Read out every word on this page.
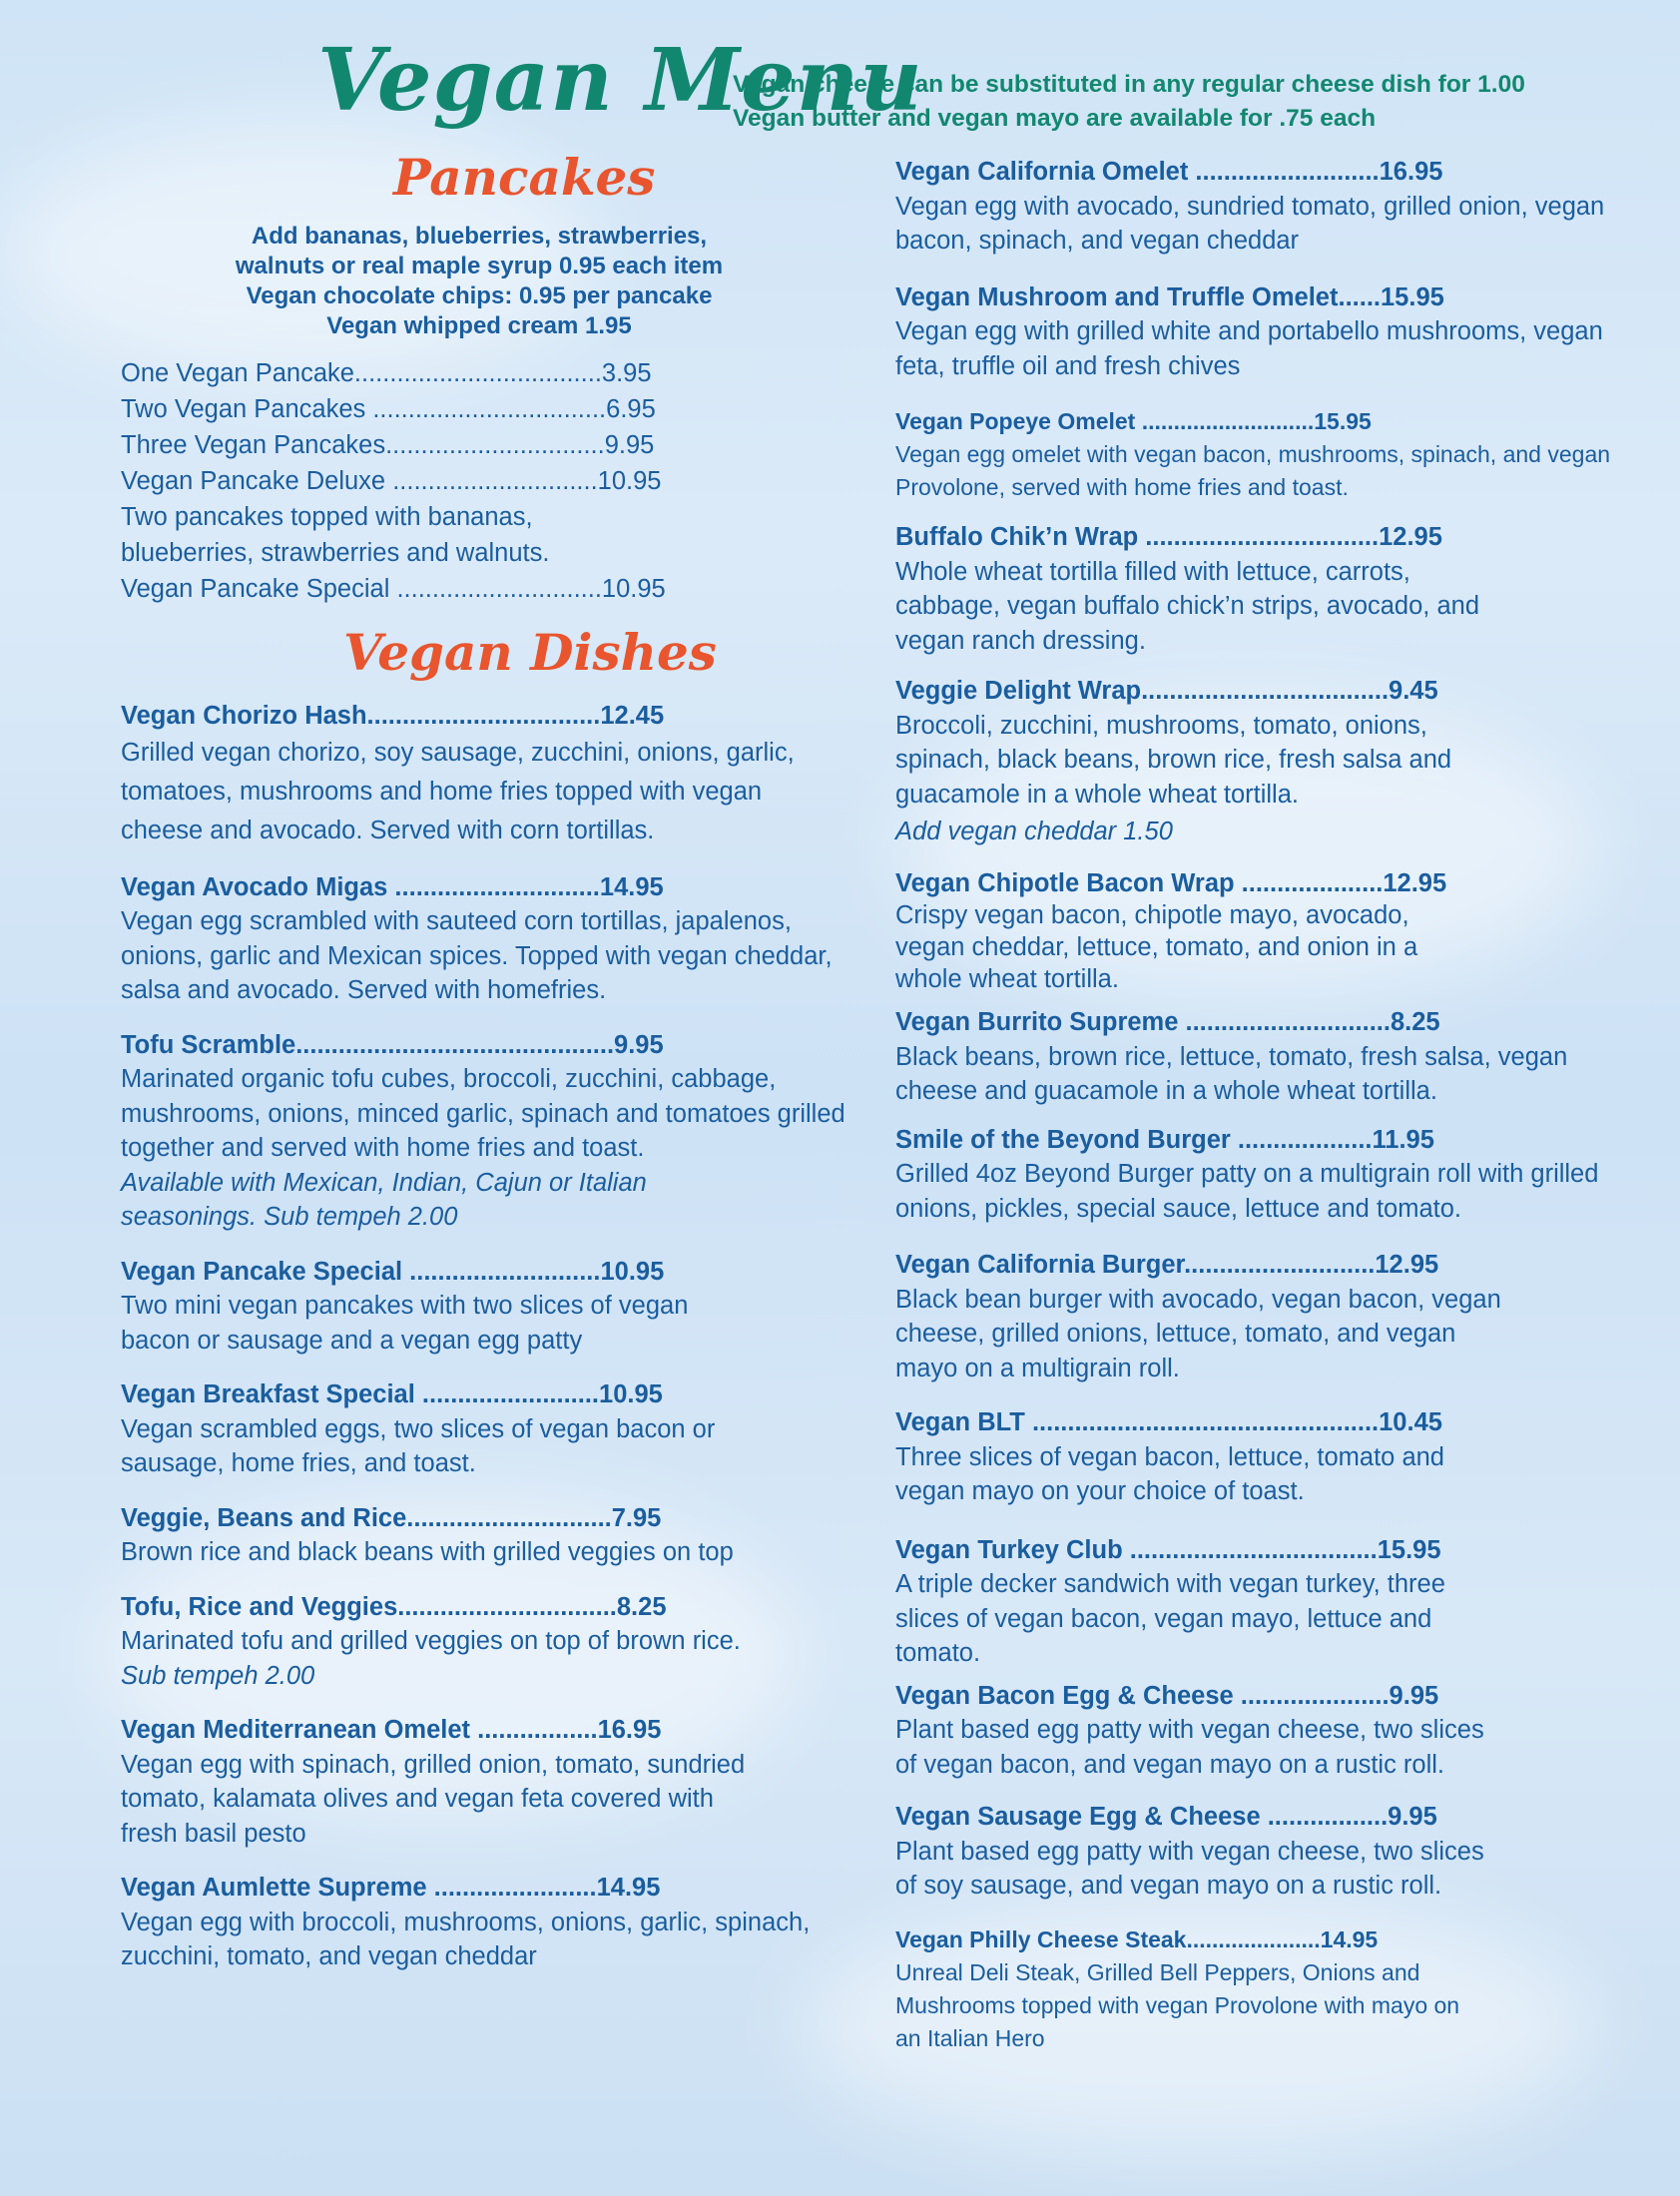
Vegan Menu
Vegan cheese can be substituted in any regular cheese dish for 1.00
Vegan butter and vegan mayo are available for .75 each
Pancakes
Add bananas, blueberries, strawberries,
walnuts or real maple syrup 0.95 each item
Vegan chocolate chips: 0.95 per pancake
Vegan whipped cream 1.95
One Vegan Pancake...................................3.95
Two Vegan Pancakes .................................6.95
Three Vegan Pancakes...............................9.95
Vegan Pancake Deluxe .............................10.95
Two pancakes topped with bananas,
blueberries, strawberries and walnuts.
Vegan Pancake Special .............................10.95
Vegan Dishes
Vegan Chorizo Hash.................................12.45
Grilled vegan chorizo, soy sausage, zucchini, onions, garlic, tomatoes, mushrooms and home fries topped with vegan cheese and avocado. Served with corn tortillas.
Vegan Avocado Migas .............................14.95
Vegan egg scrambled with sauteed corn tortillas, japalenos, onions, garlic and Mexican spices. Topped with vegan cheddar, salsa and avocado. Served with homefries.
Tofu Scramble.............................................9.95
Marinated organic tofu cubes, broccoli, zucchini, cabbage, mushrooms, onions, minced garlic, spinach and tomatoes grilled together and served with home fries and toast.
Available with Mexican, Indian, Cajun or Italian seasonings. Sub tempeh 2.00
Vegan Pancake Special ...........................10.95
Two mini vegan pancakes with two slices of vegan bacon or sausage and a vegan egg patty
Vegan Breakfast Special .........................10.95
Vegan scrambled eggs, two slices of vegan bacon or sausage, home fries, and toast.
Veggie, Beans and Rice.............................7.95
Brown rice and black beans with grilled veggies on top
Tofu, Rice and Veggies...............................8.25
Marinated tofu and grilled veggies on top of brown rice.
Sub tempeh 2.00
Vegan Mediterranean Omelet .................16.95
Vegan egg with spinach, grilled onion, tomato, sundried tomato, kalamata olives and vegan feta covered with fresh basil pesto
Vegan Aumlette Supreme .......................14.95
Vegan egg with broccoli, mushrooms, onions, garlic, spinach, zucchini, tomato, and vegan cheddar
Vegan California Omelet ..........................16.95
Vegan egg with avocado, sundried tomato, grilled onion, vegan bacon, spinach, and vegan cheddar
Vegan Mushroom and Truffle Omelet......15.95
Vegan egg with grilled white and portabello mushrooms, vegan feta, truffle oil and fresh chives
Vegan Popeye Omelet ...........................15.95
Vegan egg omelet with vegan bacon, mushrooms, spinach, and vegan Provolone, served with home fries and toast.
Buffalo Chik’n Wrap .................................12.95
Whole wheat tortilla filled with lettuce, carrots, cabbage, vegan buffalo chick’n strips, avocado, and vegan ranch dressing.
Veggie Delight Wrap...................................9.45
Broccoli, zucchini, mushrooms, tomato, onions, spinach, black beans, brown rice, fresh salsa and guacamole in a whole wheat tortilla.
Add vegan cheddar 1.50
Vegan Chipotle Bacon Wrap ....................12.95
Crispy vegan bacon, chipotle mayo, avocado, vegan cheddar, lettuce, tomato, and onion in a whole wheat tortilla.
Vegan Burrito Supreme .............................8.25
Black beans, brown rice, lettuce, tomato, fresh salsa, vegan cheese and guacamole in a whole wheat tortilla.
Smile of the Beyond Burger ...................11.95
Grilled 4oz Beyond Burger patty on a multigrain roll with grilled onions, pickles, special sauce, lettuce and tomato.
Vegan California Burger...........................12.95
Black bean burger with avocado, vegan bacon, vegan cheese, grilled onions, lettuce, tomato, and vegan mayo on a multigrain roll.
Vegan BLT .................................................10.45
Three slices of vegan bacon, lettuce, tomato and vegan mayo on your choice of toast.
Vegan Turkey Club ...................................15.95
A triple decker sandwich with vegan turkey, three slices of vegan bacon, vegan mayo, lettuce and tomato.
Vegan Bacon Egg & Cheese .....................9.95
Plant based egg patty with vegan cheese, two slices of vegan bacon, and vegan mayo on a rustic roll.
Vegan Sausage Egg & Cheese .................9.95
Plant based egg patty with vegan cheese, two slices of soy sausage, and vegan mayo on a rustic roll.
Vegan Philly Cheese Steak.....................14.95
Unreal Deli Steak, Grilled Bell Peppers, Onions and Mushrooms topped with vegan Provolone with mayo on an Italian Hero
